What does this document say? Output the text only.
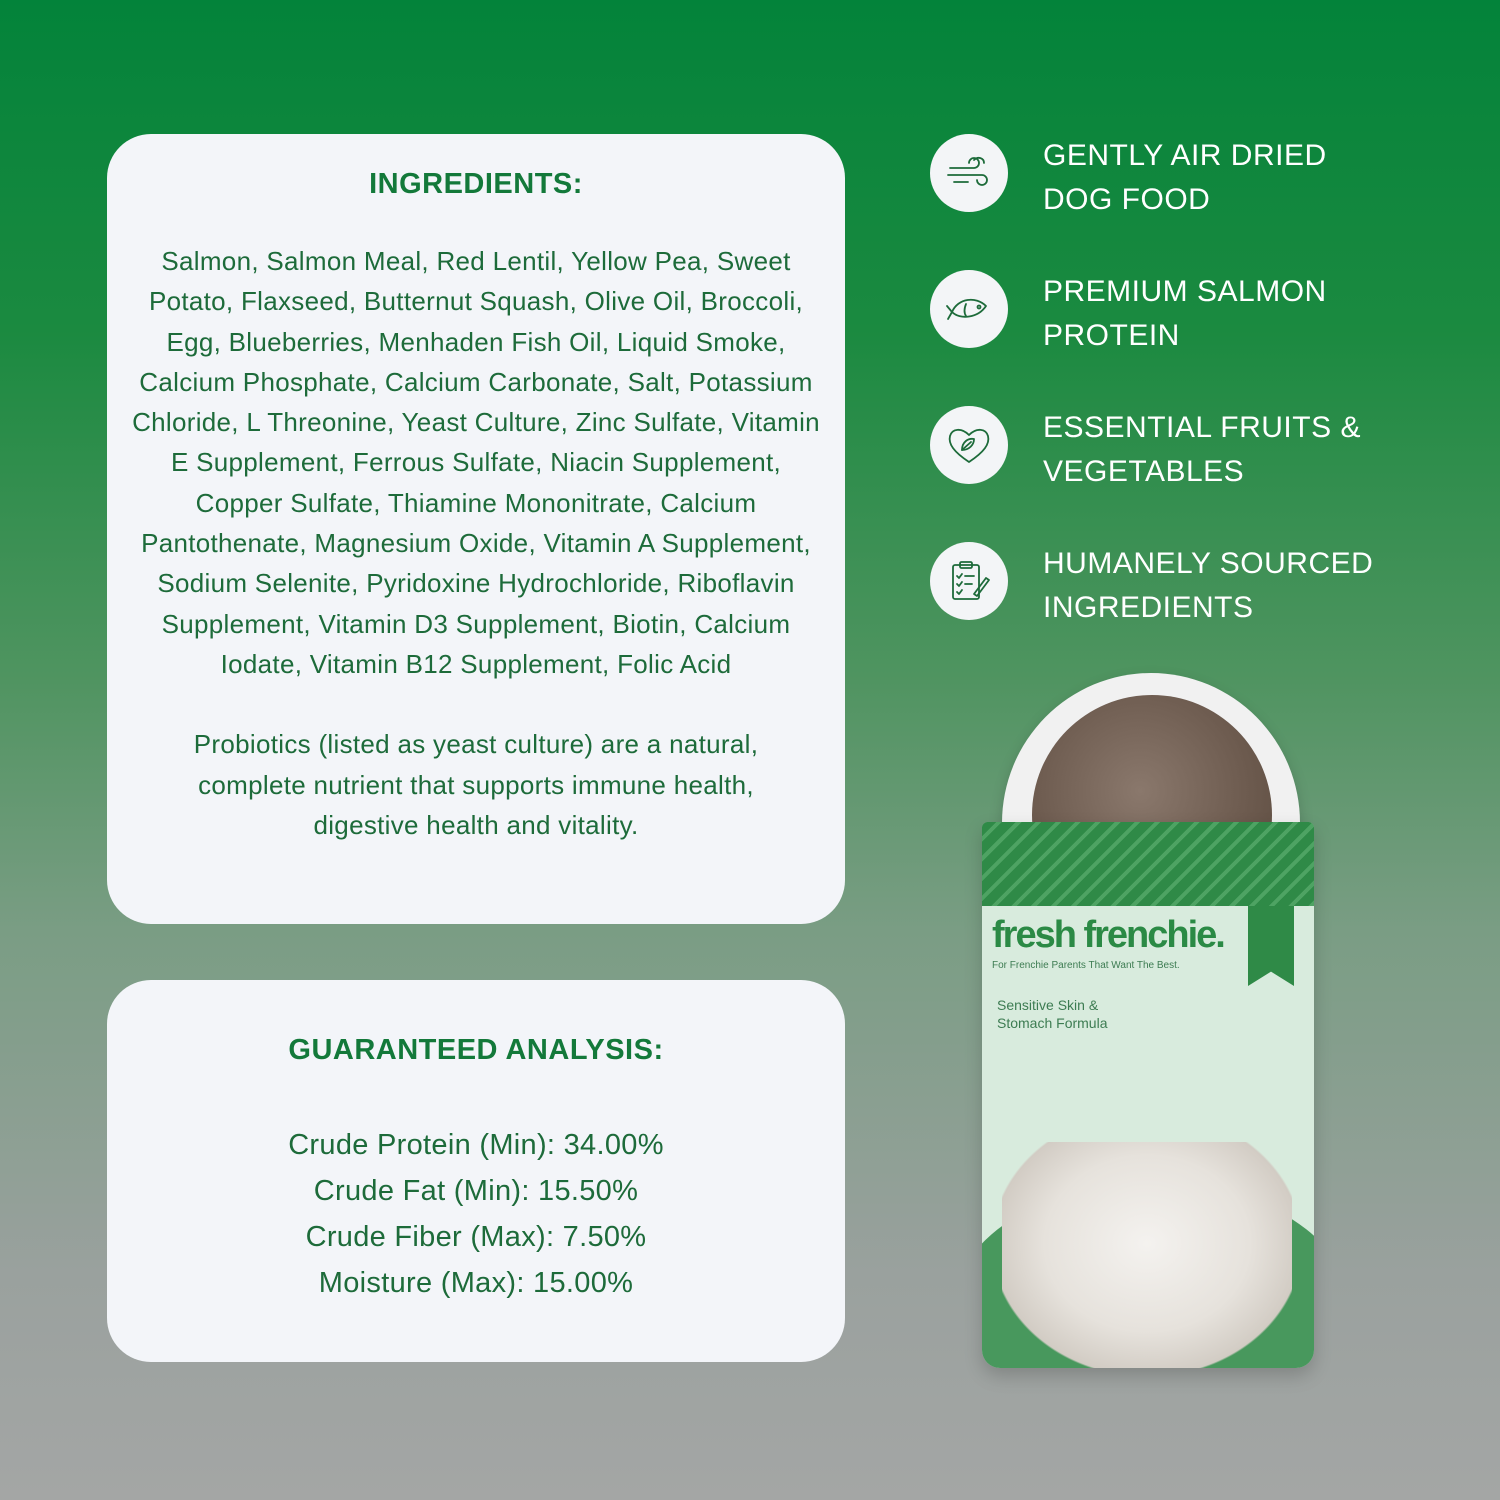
INGREDIENTS:

Salmon, Salmon Meal, Red Lentil, Yellow Pea, Sweet Potato, Flaxseed, Butternut Squash, Olive Oil, Broccoli, Egg, Blueberries, Menhaden Fish Oil, Liquid Smoke, Calcium Phosphate, Calcium Carbonate, Salt, Potassium Chloride, L Threonine, Yeast Culture, Zinc Sulfate, Vitamin E Supplement, Ferrous Sulfate, Niacin Supplement, Copper Sulfate, Thiamine Mononitrate, Calcium Pantothenate, Magnesium Oxide, Vitamin A Supplement, Sodium Selenite, Pyridoxine Hydrochloride, Riboflavin Supplement, Vitamin D3 Supplement, Biotin, Calcium Iodate, Vitamin B12 Supplement, Folic Acid

Probiotics (listed as yeast culture) are a natural, complete nutrient that supports immune health, digestive health and vitality.

GUARANTEED ANALYSIS:
Crude Protein (Min): 34.00%
Crude Fat (Min): 15.50%
Crude Fiber (Max): 7.50%
Moisture (Max): 15.00%
GENTLY AIR DRIED
DOG FOOD
PREMIUM SALMON
PROTEIN
ESSENTIAL FRUITS &
VEGETABLES
HUMANELY SOURCED
INGREDIENTS
fresh frenchie.
For Frenchie Parents That Want The Best.
Sensitive Skin &
Stomach Formula
